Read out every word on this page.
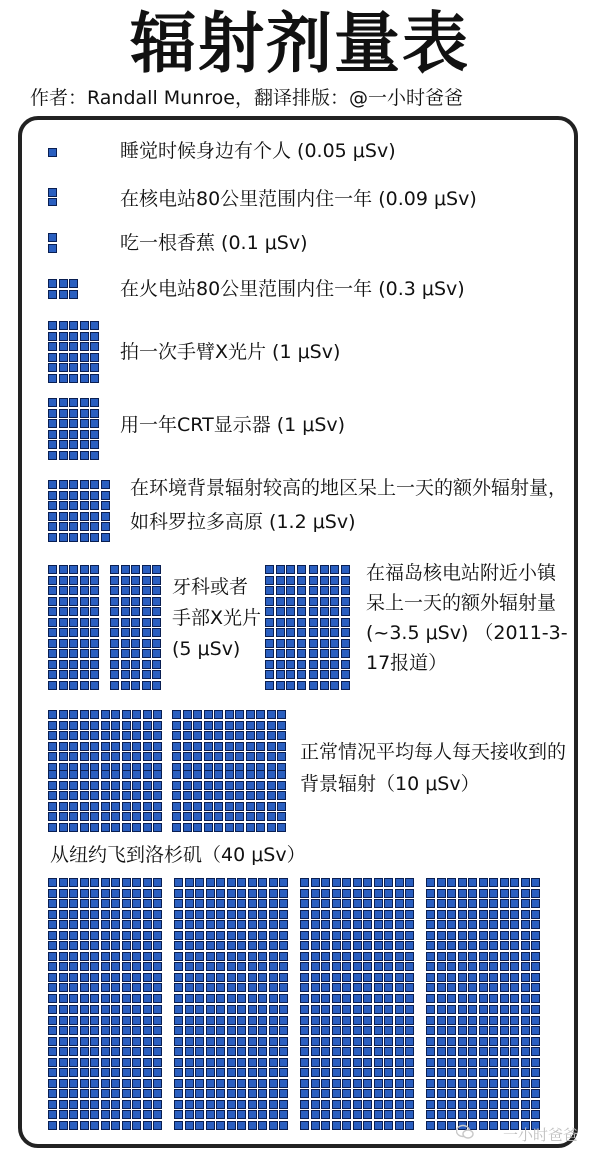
辐射剂量表
作者：Randall Munroe，翻译排版：@一小时爸爸
睡觉时候身边有个人 (0.05 μSv)
在核电站80公里范围内住一年 (0.09 μSv)
吃一根香蕉 (0.1 μSv)
在火电站80公里范围内住一年 (0.3 μSv)
拍一次手臂X光片 (1 μSv)
用一年CRT显示器 (1 μSv)
在环境背景辐射较高的地区呆上一天的额外辐射量，如科罗拉多高原 (1.2 μSv)
牙科或者手部X光片 (5 μSv)
在福岛核电站附近小镇呆上一天的额外辐射量 (~3.5 μSv) （2011-3-17报道）
正常情况平均每人每天接收到的背景辐射（10 μSv）
从纽约飞到洛杉矶（40 μSv）
一小时爸爸
